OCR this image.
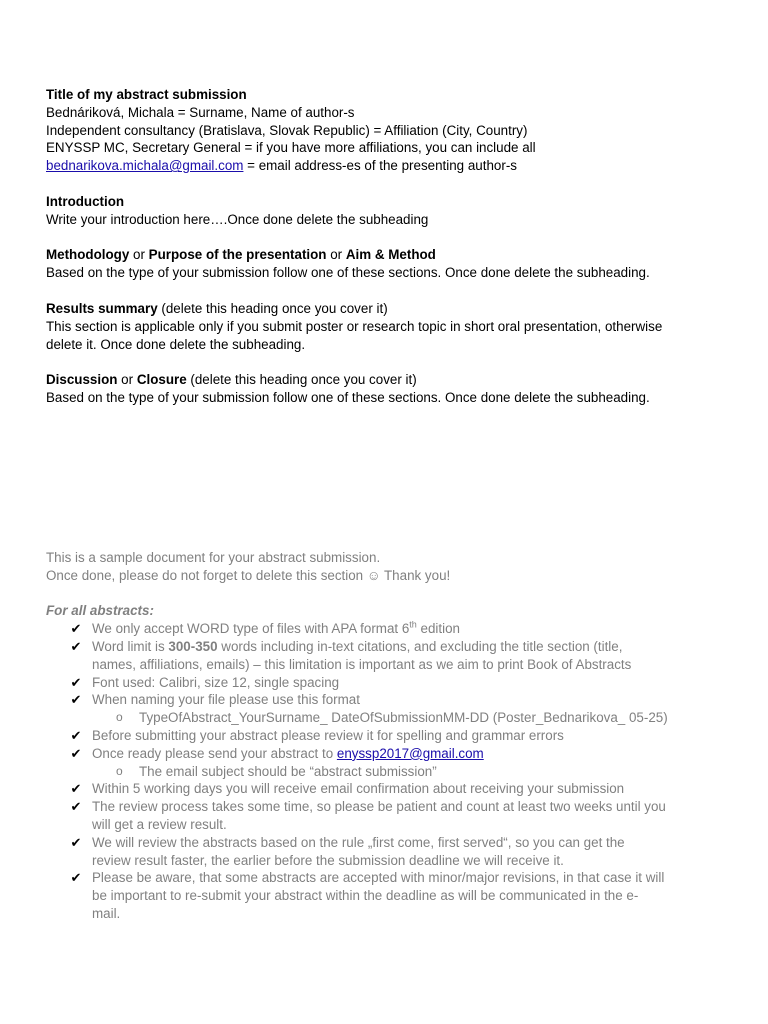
Title of my abstract submission
Bednáriková, Michala = Surname, Name of author-s
Independent consultancy (Bratislava, Slovak Republic) = Affiliation (City, Country)
ENYSSP MC, Secretary General = if you have more affiliations, you can include all
bednarikova.michala@gmail.com = email address-es of the presenting author-s
Introduction
Write your introduction here….Once done delete the subheading
Methodology or Purpose of the presentation or Aim & Method
Based on the type of your submission follow one of these sections. Once done delete the subheading.
Results summary (delete this heading once you cover it)
This section is applicable only if you submit poster or research topic in short oral presentation, otherwise
delete it. Once done delete the subheading.
Discussion or Closure (delete this heading once you cover it)
Based on the type of your submission follow one of these sections. Once done delete the subheading.
This is a sample document for your abstract submission.
Once done, please do not forget to delete this section ☺ Thank you!
For all abstracts:
✔ We only accept WORD type of files with APA format 6th edition
✔ Word limit is 300-350 words including in-text citations, and excluding the title section (title,
names, affiliations, emails) – this limitation is important as we aim to print Book of Abstracts
✔ Font used: Calibri, size 12, single spacing
✔ When naming your file please use this format
o TypeOfAbstract_YourSurname_ DateOfSubmissionMM-DD (Poster_Bednarikova_ 05-25)
✔ Before submitting your abstract please review it for spelling and grammar errors
✔ Once ready please send your abstract to enyssp2017@gmail.com
o The email subject should be “abstract submission”
✔ Within 5 working days you will receive email confirmation about receiving your submission
✔ The review process takes some time, so please be patient and count at least two weeks until you
will get a review result.
✔ We will review the abstracts based on the rule „first come, first served“, so you can get the
review result faster, the earlier before the submission deadline we will receive it.
✔ Please be aware, that some abstracts are accepted with minor/major revisions, in that case it will
be important to re-submit your abstract within the deadline as will be communicated in the e-
mail.
